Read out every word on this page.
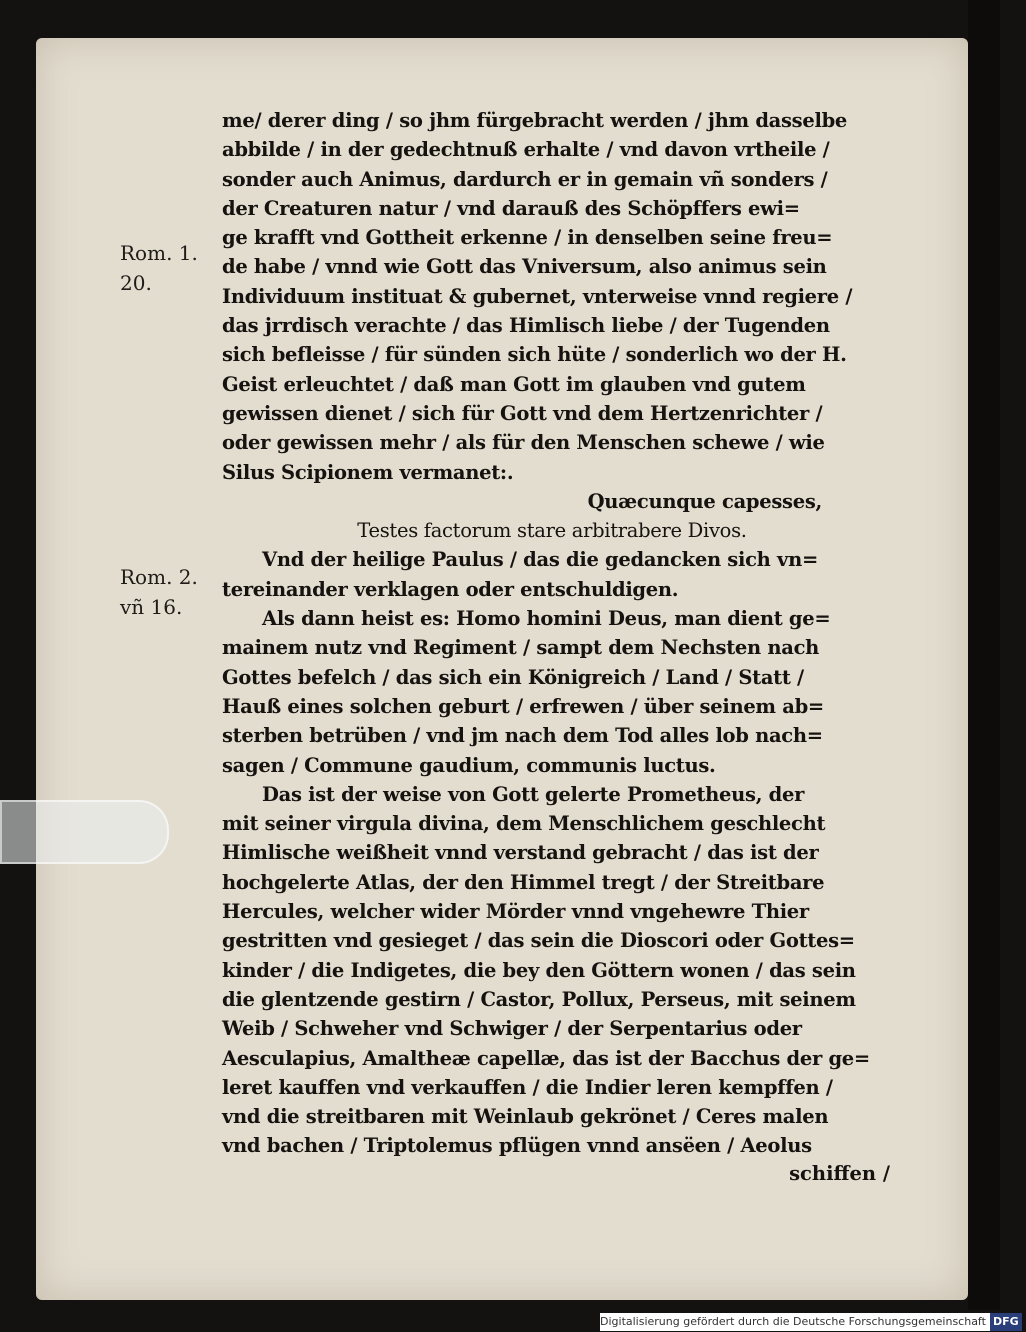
Rom. 1.
20.
Rom. 2.
vñ 16.
me/ derer ding / so jhm fürgebracht werden / jhm dasselbe
abbilde / in der gedechtnuß erhalte / vnd davon vrtheile /
sonder auch Animus, dardurch er in gemain vñ sonders /
der Creaturen natur / vnd darauß des Schöpffers ewi=
ge krafft vnd Gottheit erkenne / in denselben seine freu=
de habe / vnnd wie Gott das Vniversum, also animus sein
Individuum instituat & gubernet, vnterweise vnnd regiere /
das jrrdisch verachte / das Himlisch liebe / der Tugenden
sich befleisse / für sünden sich hüte / sonderlich wo der H.
Geist erleuchtet / daß man Gott im glauben vnd gutem
gewissen dienet / sich für Gott vnd dem Hertzenrichter /
oder gewissen mehr / als für den Menschen schewe / wie
Silus Scipionem vermanet:.
Quæcunque capesses,
Testes factorum stare arbitrabere Divos.
Vnd der heilige Paulus / das die gedancken sich vn=
tereinander verklagen oder entschuldigen.
Als dann heist es: Homo homini Deus, man dient ge=
mainem nutz vnd Regiment / sampt dem Nechsten nach
Gottes befelch / das sich ein Königreich / Land / Statt /
Hauß eines solchen geburt / erfrewen / über seinem ab=
sterben betrüben / vnd jm nach dem Tod alles lob nach=
sagen / Commune gaudium, communis luctus.
Das ist der weise von Gott gelerte Prometheus, der
mit seiner virgula divina, dem Menschlichem geschlecht
Himlische weißheit vnnd verstand gebracht / das ist der
hochgelerte Atlas, der den Himmel tregt / der Streitbare
Hercules, welcher wider Mörder vnnd vngehewre Thier
gestritten vnd gesieget / das sein die Dioscori oder Gottes=
kinder / die Indigetes, die bey den Göttern wonen / das sein
die glentzende gestirn / Castor, Pollux, Perseus, mit seinem
Weib / Schweher vnd Schwiger / der Serpentarius oder
Aesculapius, Amaltheæ capellæ, das ist der Bacchus der ge=
leret kauffen vnd verkauffen / die Indier leren kempffen /
vnd die streitbaren mit Weinlaub gekrönet / Ceres malen
vnd bachen / Triptolemus pflügen vnnd ansëen / Aeolus
schiffen /
Digitalisierung gefördert durch die Deutsche Forschungsgemeinschaft DFG
